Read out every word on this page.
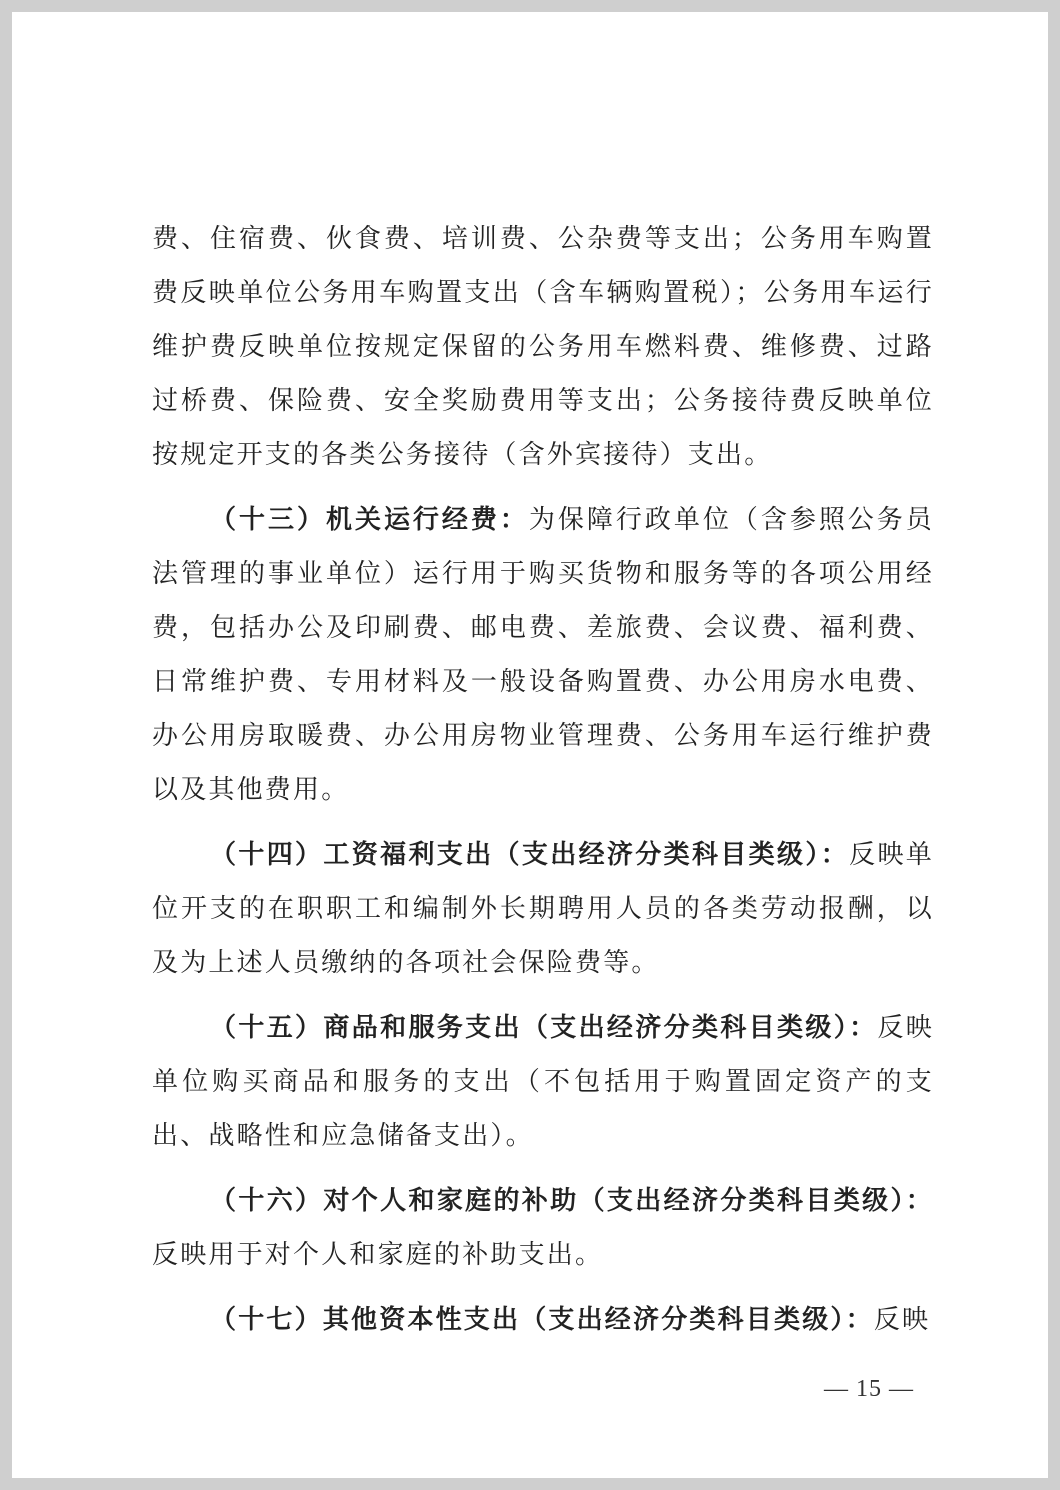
费、住宿费、伙食费、培训费、公杂费等支出；公务用车购置费反映单位公务用车购置支出（含车辆购置税）；公务用车运行维护费反映单位按规定保留的公务用车燃料费、维修费、过路过桥费、保险费、安全奖励费用等支出；公务接待费反映单位按规定开支的各类公务接待（含外宾接待）支出。

（十三）机关运行经费：为保障行政单位（含参照公务员法管理的事业单位）运行用于购买货物和服务等的各项公用经费，包括办公及印刷费、邮电费、差旅费、会议费、福利费、日常维护费、专用材料及一般设备购置费、办公用房水电费、办公用房取暖费、办公用房物业管理费、公务用车运行维护费以及其他费用。

（十四）工资福利支出（支出经济分类科目类级）：反映单位开支的在职职工和编制外长期聘用人员的各类劳动报酬，以及为上述人员缴纳的各项社会保险费等。

（十五）商品和服务支出（支出经济分类科目类级）：反映单位购买商品和服务的支出（不包括用于购置固定资产的支出、战略性和应急储备支出）。

（十六）对个人和家庭的补助（支出经济分类科目类级）：反映用于对个人和家庭的补助支出。

（十七）其他资本性支出（支出经济分类科目类级）：反映

— 15 —
